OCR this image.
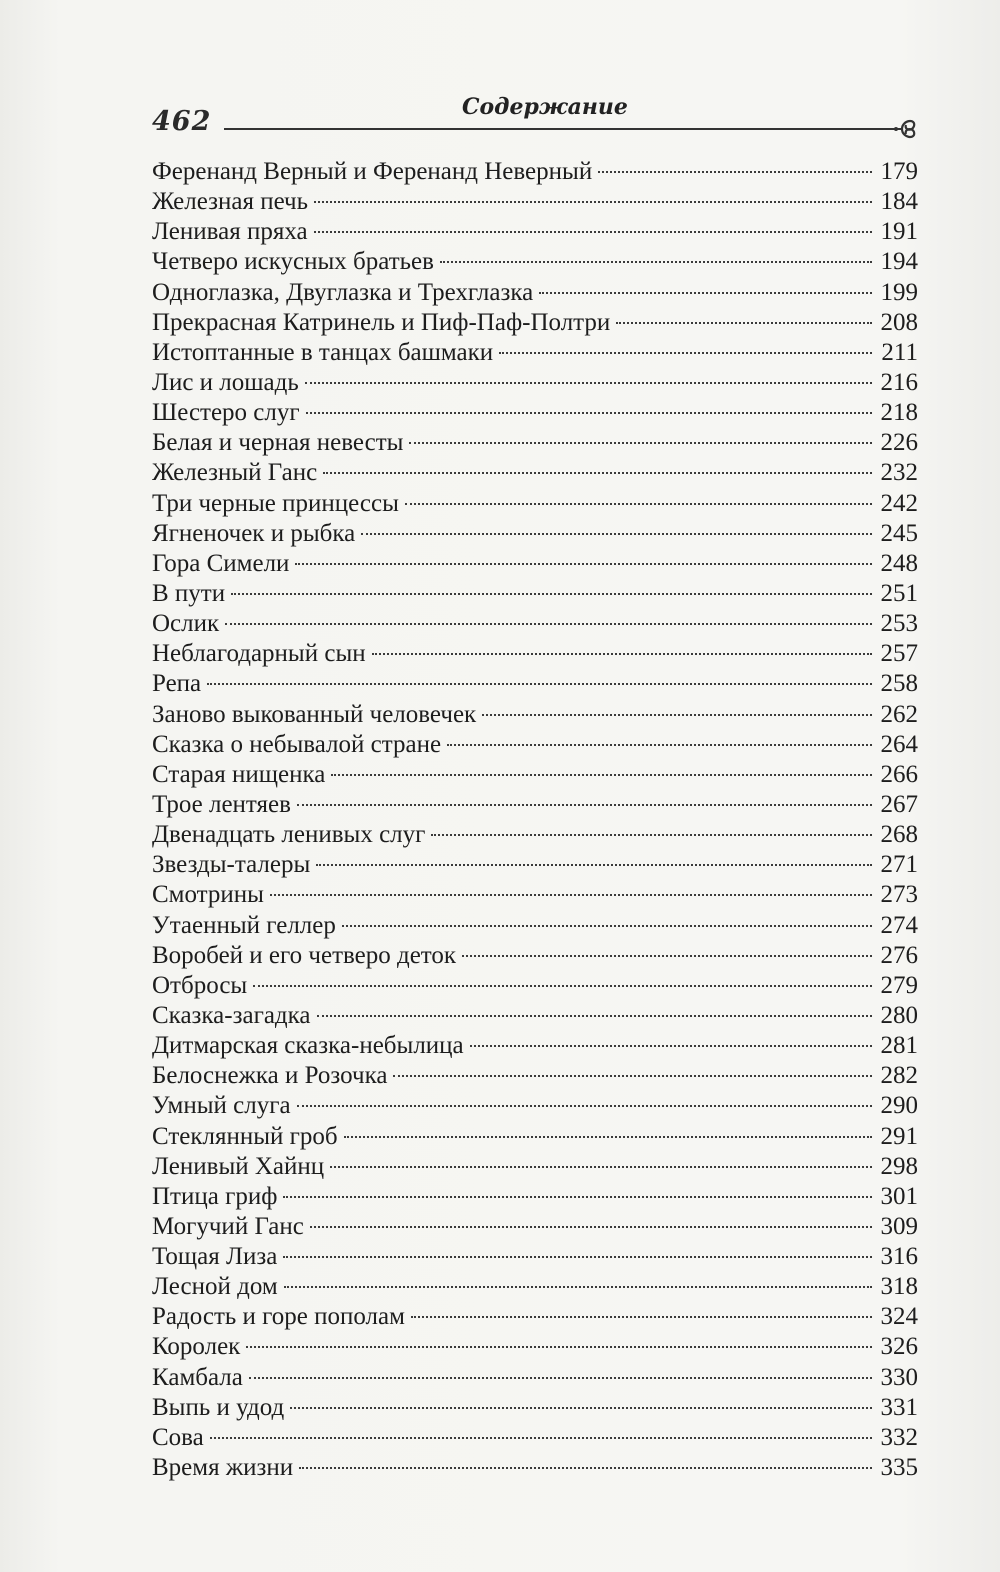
462	Содержание
Ференанд Верный и Ференанд Неверный	179
Железная печь	184
Ленивая пряха	191
Четверо искусных братьев	194
Одноглазка, Двуглазка и Трехглазка	199
Прекрасная Катринель и Пиф-Паф-Полтри	208
Истоптанные в танцах башмаки	211
Лис и лошадь	216
Шестеро слуг	218
Белая и черная невесты	226
Железный Ганс	232
Три черные принцессы	242
Ягненочек и рыбка	245
Гора Симели	248
В пути	251
Ослик	253
Неблагодарный сын	257
Репа	258
Заново выкованный человечек	262
Сказка о небывалой стране	264
Старая нищенка	266
Трое лентяев	267
Двенадцать ленивых слуг	268
Звезды-талеры	271
Смотрины	273
Утаенный геллер	274
Воробей и его четверо деток	276
Отбросы	279
Сказка-загадка	280
Дитмарская сказка-небылица	281
Белоснежка и Розочка	282
Умный слуга	290
Стеклянный гроб	291
Ленивый Хайнц	298
Птица гриф	301
Могучий Ганс	309
Тощая Лиза	316
Лесной дом	318
Радость и горе пополам	324
Королек	326
Камбала	330
Выпь и удод	331
Сова	332
Время жизни	335
